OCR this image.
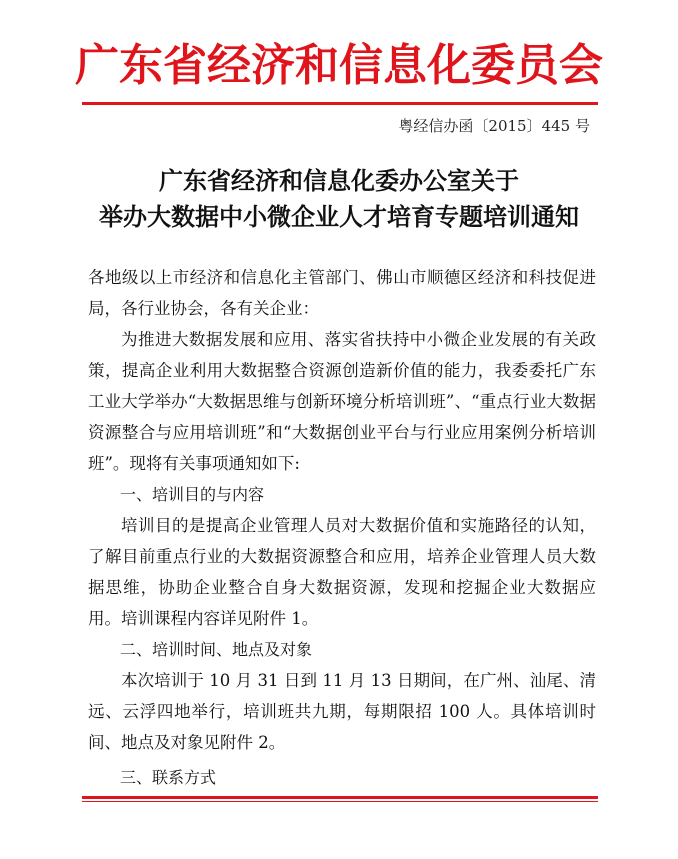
广东省经济和信息化委员会
粤经信办函〔2015〕445 号
广东省经济和信息化委办公室关于
举办大数据中小微企业人才培育专题培训通知

各地级以上市经济和信息化主管部门、佛山市顺德区经济和科技促进局，各行业协会，各有关企业：

为推进大数据发展和应用、落实省扶持中小微企业发展的有关政策，提高企业利用大数据整合资源创造新价值的能力，我委委托广东工业大学举办“大数据思维与创新环境分析培训班”、“重点行业大数据资源整合与应用培训班”和“大数据创业平台与行业应用案例分析培训班”。现将有关事项通知如下:

一、培训目的与内容

培训目的是提高企业管理人员对大数据价值和实施路径的认知，了解目前重点行业的大数据资源整合和应用，培养企业管理人员大数据思维，协助企业整合自身大数据资源，发现和挖掘企业大数据应用。培训课程内容详见附件 1。

二、培训时间、地点及对象

本次培训于 10 月 31 日到 11 月 13 日期间，在广州、汕尾、清远、云浮四地举行，培训班共九期，每期限招 100 人。具体培训时间、地点及对象见附件 2。

三、联系方式
